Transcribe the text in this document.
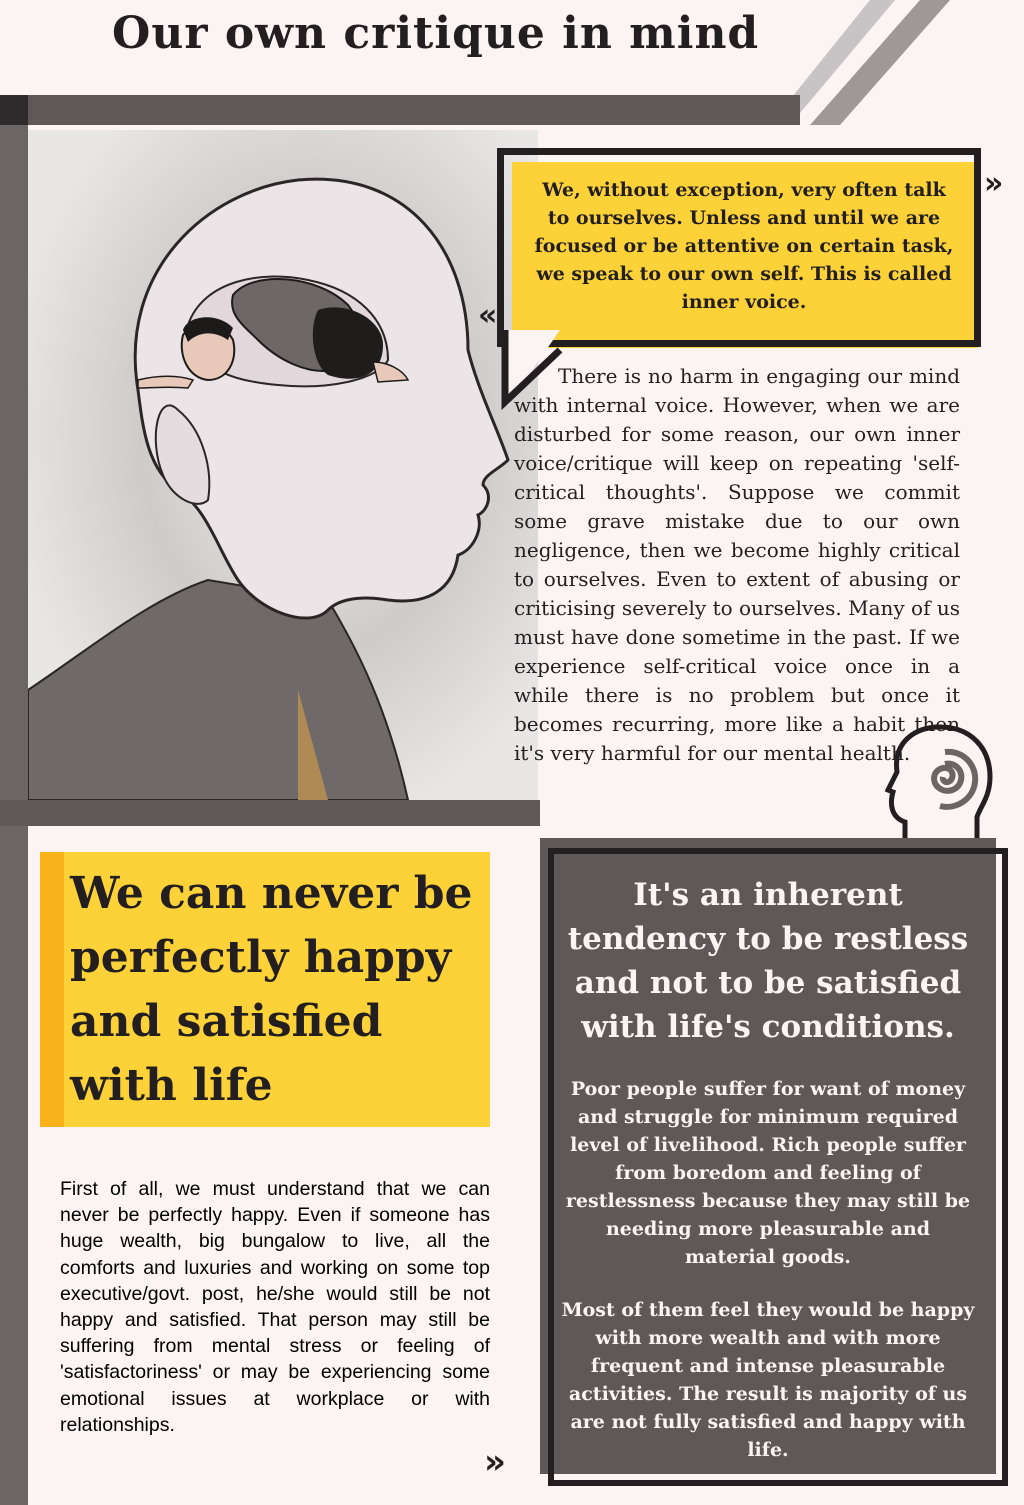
Our own critique in mind
We, without exception, very often talk to ourselves. Unless and until we are focused or be attentive on certain task, we speak to our own self. This is called inner voice.
»
«
There is no harm in engaging our mind with internal voice. However, when we are disturbed for some reason, our own inner voice/critique will keep on repeating 'self-critical thoughts'. Suppose we commit some grave mistake due to our own negligence, then we become highly critical to ourselves. Even to extent of abusing or criticising severely to ourselves. Many of us must have done sometime in the past. If we experience self-critical voice once in a while there is no problem but once it becomes recurring, more like a habit then it's very harmful for our mental health.
We can never be perfectly happy and satisfied with life
First of all, we must understand that we can never be perfectly happy. Even if someone has huge wealth, big bungalow to live, all the comforts and luxuries and working on some top executive/govt. post, he/she would still be not happy and satisfied. That person may still be suffering from mental stress or feeling of 'satisfactoriness' or may be experiencing some emotional issues at workplace or with relationships.
»
It's an inherent tendency to be restless and not to be satisfied with life's conditions.
Poor people suffer for want of money and struggle for minimum required level of livelihood. Rich people suffer from boredom and feeling of restlessness because they may still be needing more pleasurable and material goods.
Most of them feel they would be happy with more wealth and with more frequent and intense pleasurable activities. The result is majority of us are not fully satisfied and happy with life.
